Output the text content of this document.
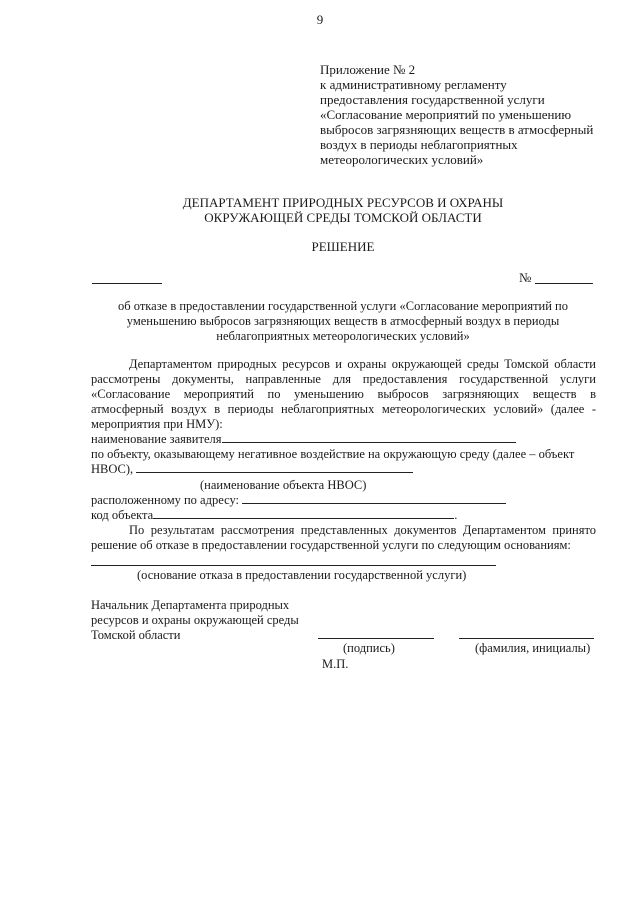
9
Приложение № 2
к административному регламенту
предоставления государственной услуги
«Согласование мероприятий по уменьшению
выбросов загрязняющих веществ в атмосферный
воздух в периоды неблагоприятных
метеорологических условий»
ДЕПАРТАМЕНТ ПРИРОДНЫХ РЕСУРСОВ И ОХРАНЫ
ОКРУЖАЮЩЕЙ СРЕДЫ ТОМСКОЙ ОБЛАСТИ
РЕШЕНИЕ
№
об отказе в предоставлении государственной услуги «Согласование мероприятий по
уменьшению выбросов загрязняющих веществ в атмосферный воздух в периоды
неблагоприятных метеорологических условий»
Департаментом природных ресурсов и охраны окружающей среды Томской области рассмотрены документы, направленные для предоставления государственной услуги «Согласование мероприятий по уменьшению выбросов загрязняющих веществ в атмосферный воздух в периоды неблагоприятных метеорологических условий» (далее - мероприятия при НМУ):
наименование заявителя
по объекту, оказывающему негативное воздействие на окружающую среду (далее – объект
НВОС),
(наименование объекта НВОС)
расположенному по адресу:
код объекта	.
По результатам рассмотрения представленных документов Департаментом принято решение об отказе в предоставлении государственной услуги по следующим основаниям:
(основание отказа в предоставлении государственной услуги)
Начальник Департамента природных
ресурсов и охраны окружающей среды
Томской области
(подпись)	(фамилия, инициалы)
М.П.
